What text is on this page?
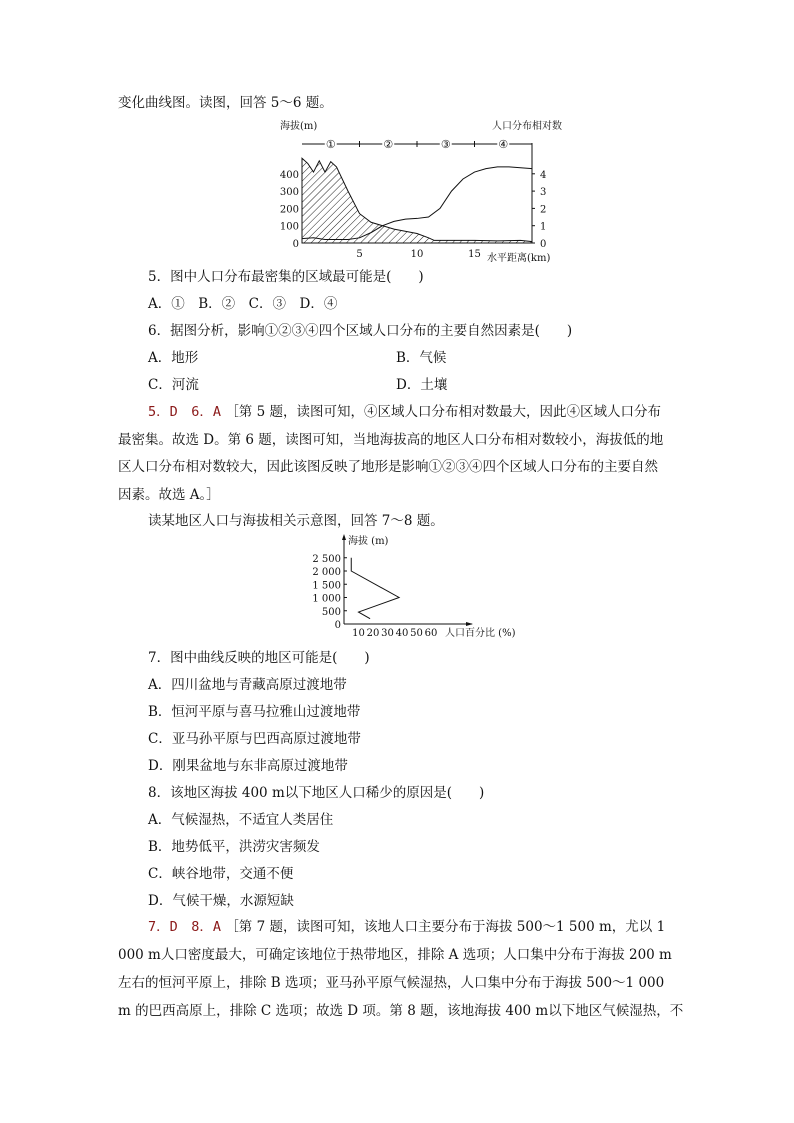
变化曲线图。读图，回答 5～6 题。
①	②	③	④
5	10	15
0
100
200
300
400
0
1
2
3
4
海拔(m)	人口分布相对数
水平距离(km)
5．图中人口分布最密集的区域最可能是(　　)
A．①　B．②　C．③　D．④
6．据图分析，影响①②③④四个区域人口分布的主要自然因素是(　　)
A．地形	B．气候
C．河流	D．土壤
5．D　6．A ［第 5 题，读图可知，④区域人口分布相对数最大，因此④区域人口分布
最密集。故选 D。第 6 题，读图可知，当地海拔高的地区人口分布相对数较小，海拔低的地
区人口分布相对数较大，因此该图反映了地形是影响①②③④四个区域人口分布的主要自然
因素。故选 A。］
读某地区人口与海拔相关示意图，回答 7～8 题。
0
500
1 000
1 500
2 000
2 500
10 20 30 40 50 60
海拔 (m)
人口百分比 (%)
7．图中曲线反映的地区可能是(　　)
A．四川盆地与青藏高原过渡地带
B．恒河平原与喜马拉雅山过渡地带
C．亚马孙平原与巴西高原过渡地带
D．刚果盆地与东非高原过渡地带
8．该地区海拔 400 m以下地区人口稀少的原因是(　　)
A．气候湿热，不适宜人类居住
B．地势低平，洪涝灾害频发
C．峡谷地带，交通不便
D．气候干燥，水源短缺
7．D　8．A ［第 7 题，读图可知，该地人口主要分布于海拔 500～1 500 m，尤以 1
000 m人口密度最大，可确定该地位于热带地区，排除 A 选项；人口集中分布于海拔 200 m
左右的恒河平原上，排除 B 选项；亚马孙平原气候湿热，人口集中分布于海拔 500～1 000
m 的巴西高原上，排除 C 选项；故选 D 项。第 8 题，该地海拔 400 m以下地区气候湿热，不
